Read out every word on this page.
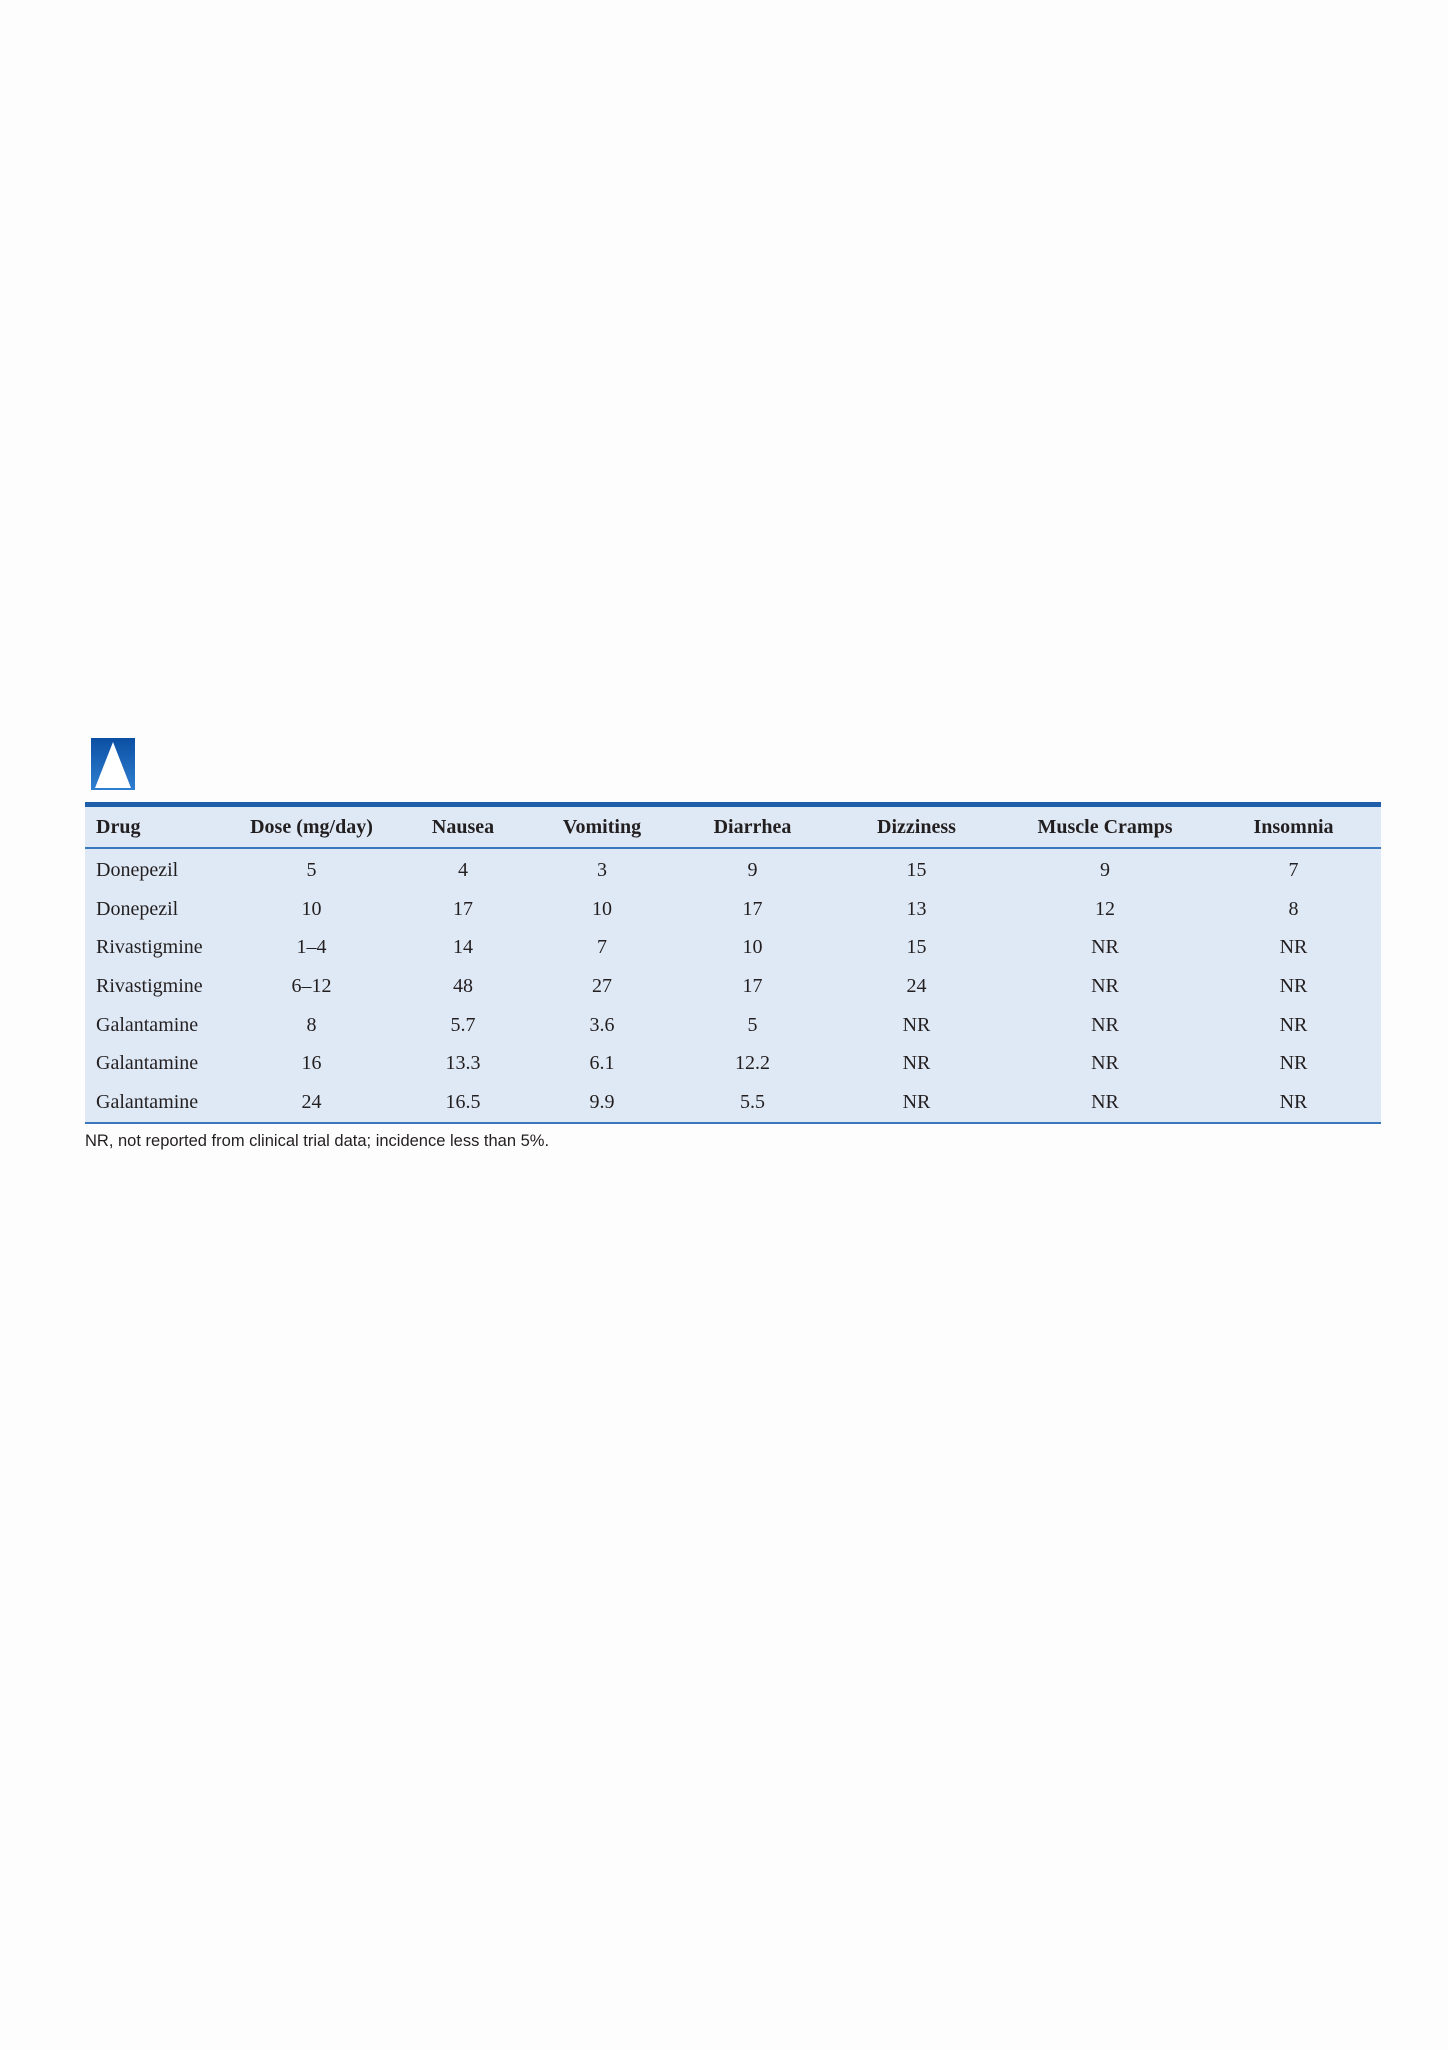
Drug	Dose (mg/day)	Nausea	Vomiting	Diarrhea	Dizziness	Muscle Cramps	Insomnia
Donepezil	5	4	3	9	15	9	7
Donepezil	10	17	10	17	13	12	8
Rivastigmine	1–4	14	7	10	15	NR	NR
Rivastigmine	6–12	48	27	17	24	NR	NR
Galantamine	8	5.7	3.6	5	NR	NR	NR
Galantamine	16	13.3	6.1	12.2	NR	NR	NR
Galantamine	24	16.5	9.9	5.5	NR	NR	NR
NR, not reported from clinical trial data; incidence less than 5%.
